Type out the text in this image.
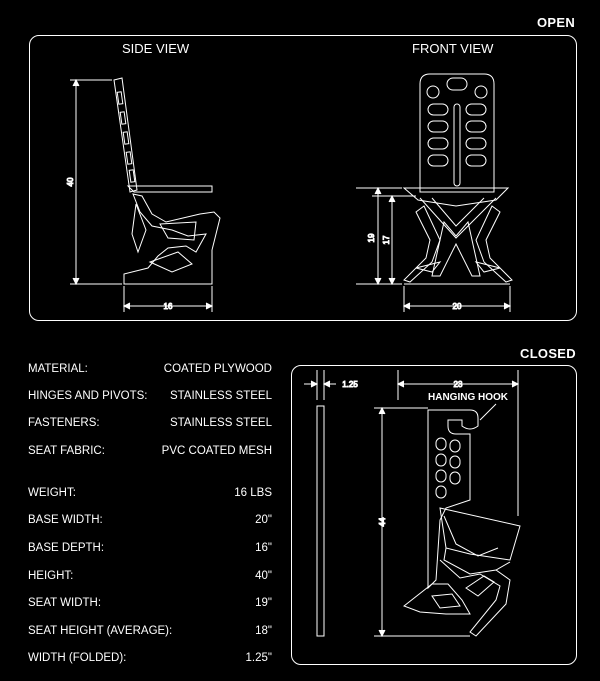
OPEN
CLOSED
SIDE VIEW	FRONT VIEW
40
16
19 17
20
1.25	23
44
HANGING HOOK
MATERIAL:	COATED PLYWOOD
HINGES AND PIVOTS: STAINLESS STEEL
FASTENERS:	STAINLESS STEEL
SEAT FABRIC:	PVC COATED MESH
WEIGHT:	16 LBS
BASE WIDTH:	20"
BASE DEPTH:	16"
HEIGHT:	40"
SEAT WIDTH:	19"
SEAT HEIGHT (AVERAGE):	18"
WIDTH (FOLDED):	1.25"
